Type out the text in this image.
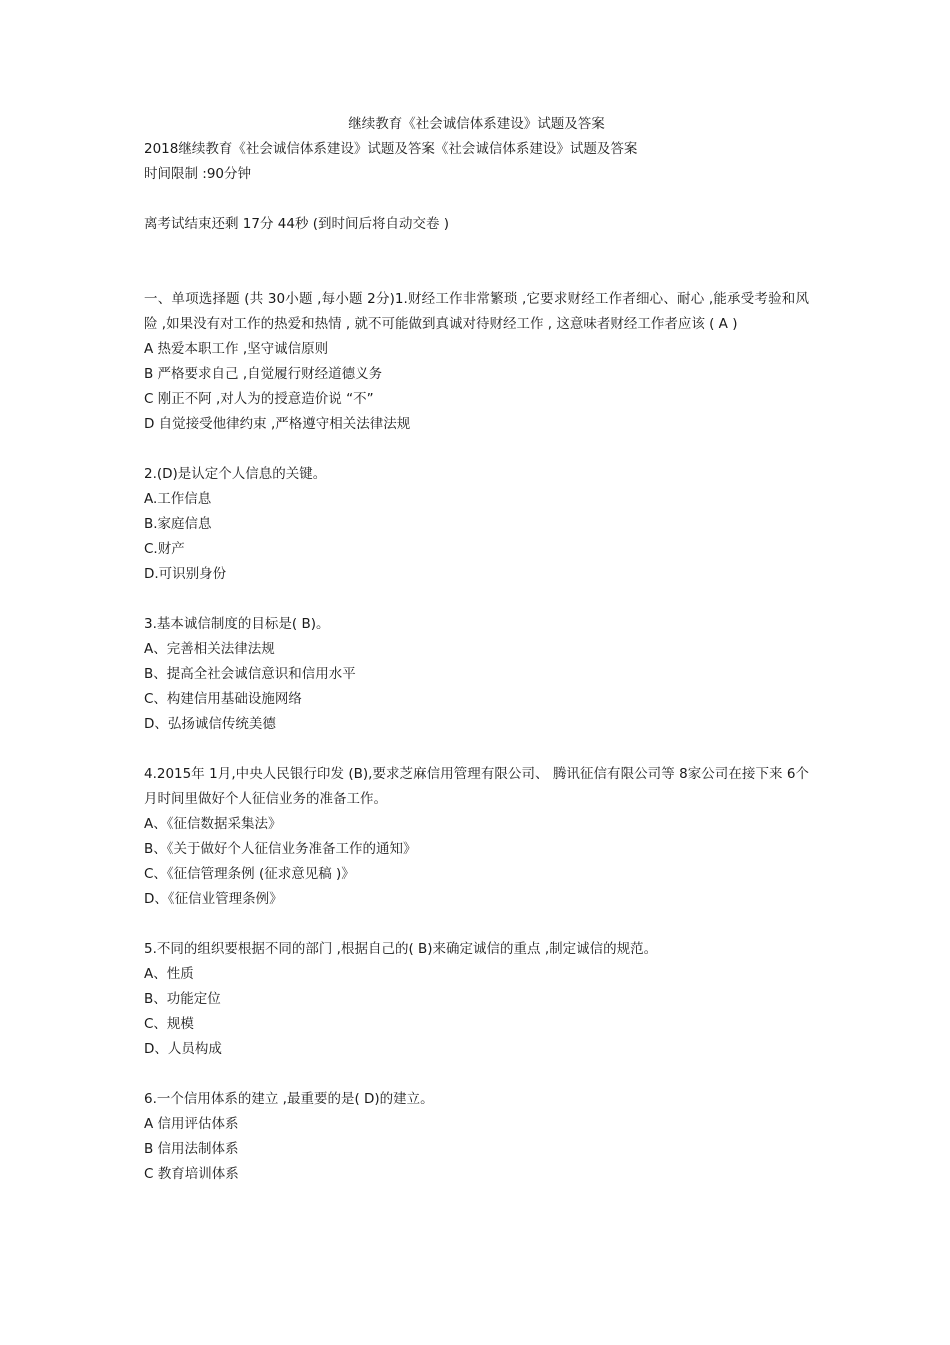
继续教育《社会诚信体系建设》试题及答案
2018继续教育《社会诚信体系建设》试题及答案《社会诚信体系建设》试题及答案
时间限制 :90分钟
离考试结束还剩 17分 44秒 (到时间后将自动交卷 )
一、单项选择题 (共 30小题 ,每小题 2分)1.财经工作非常繁琐 ,它要求财经工作者细心、耐心 ,能承受考验和风险 ,如果没有对工作的热爱和热情 , 就不可能做到真诚对待财经工作 , 这意味者财经工作者应该 ( A )
A 热爱本职工作 ,坚守诚信原则
B 严格要求自己 ,自觉履行财经道德义务
C 刚正不阿 ,对人为的授意造价说 “不”
D 自觉接受他律约束 ,严格遵守相关法律法规
2.(D)是认定个人信息的关键。
A.工作信息
B.家庭信息
C.财产
D.可识别身份
3.基本诚信制度的目标是( B)。
A、完善相关法律法规
B、提高全社会诚信意识和信用水平
C、构建信用基础设施网络
D、弘扬诚信传统美德
4.2015年 1月,中央人民银行印发 (B),要求芝麻信用管理有限公司、 腾讯征信有限公司等 8家公司在接下来 6个月时间里做好个人征信业务的准备工作。
A、《征信数据采集法》
B、《关于做好个人征信业务准备工作的通知》
C、《征信管理条例 (征求意见稿 )》
D、《征信业管理条例》
5.不同的组织要根据不同的部门 ,根据自己的( B)来确定诚信的重点 ,制定诚信的规范。
A、性质
B、功能定位
C、规模
D、人员构成
6.一个信用体系的建立 ,最重要的是( D)的建立。
A 信用评估体系
B 信用法制体系
C 教育培训体系
